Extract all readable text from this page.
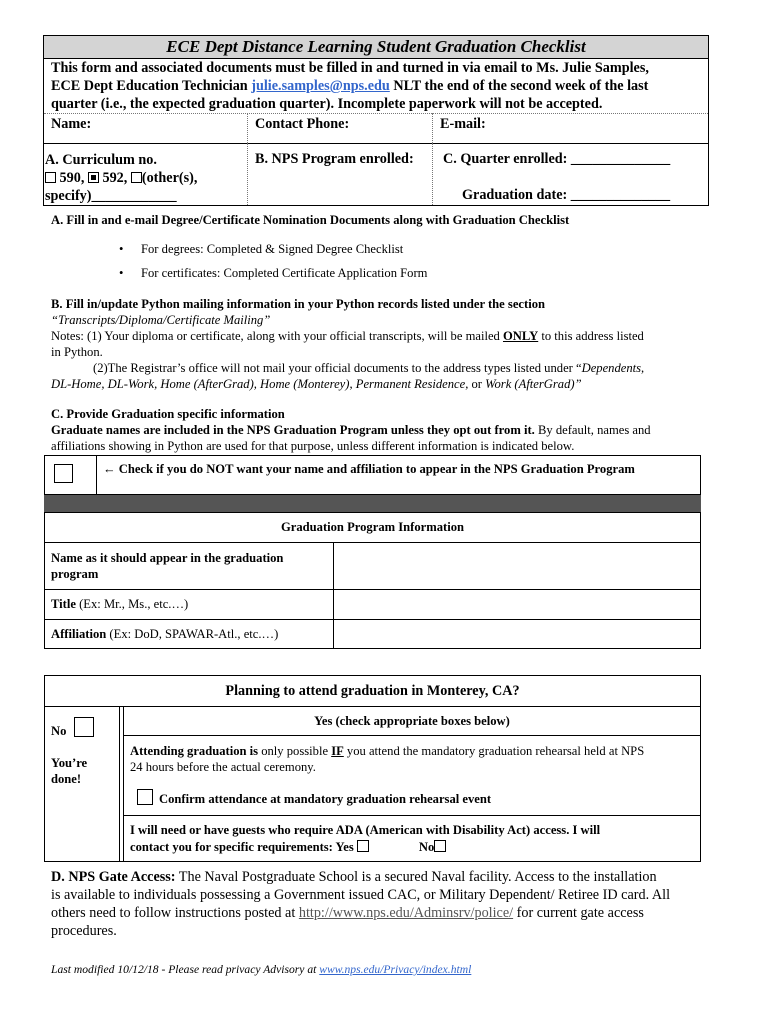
ECE Dept Distance Learning Student Graduation Checklist
This form and associated documents must be filled in and turned in via email to Ms. Julie Samples,
ECE Dept Education Technician julie.samples@nps.edu NLT the end of the second week of the last
quarter (i.e., the expected graduation quarter). Incomplete paperwork will not be accepted.
Name:	Contact Phone:	E-mail:
A. Curriculum no.
590, 592, (other(s),
specify)____________
B. NPS Program enrolled: C. Quarter enrolled: ______________
Graduation date: ______________
A. Fill in and e-mail Degree/Certificate Nomination Documents along with Graduation Checklist
• For degrees: Completed & Signed Degree Checklist
• For certificates: Completed Certificate Application Form
B. Fill in/update Python mailing information in your Python records listed under the section
“Transcripts/Diploma/Certificate Mailing”
Notes: (1) Your diploma or certificate, along with your official transcripts, will be mailed ONLY to this address listed
in Python.
(2)The Registrar’s office will not mail your official documents to the address types listed under “Dependents,
DL-Home, DL-Work, Home (AfterGrad), Home (Monterey), Permanent Residence, or Work (AfterGrad)”
C. Provide Graduation specific information
Graduate names are included in the NPS Graduation Program unless they opt out from it. By default, names and
affiliations showing in Python are used for that purpose, unless different information is indicated below.
← Check if you do NOT want your name and affiliation to appear in the NPS Graduation Program
Graduation Program Information
Name as it should appear in the graduation
program
Title (Ex: Mr., Ms., etc.…)
Affiliation (Ex: DoD, SPAWAR-Atl., etc.…)
Planning to attend graduation in Monterey, CA?
No
You’re
done!
Yes (check appropriate boxes below)
Attending graduation is only possible IF you attend the mandatory graduation rehearsal held at NPS
24 hours before the actual ceremony.
Confirm attendance at mandatory graduation rehearsal event
I will need or have guests who require ADA (American with Disability Act) access. I will
contact you for specific requirements: Yes	No
D. NPS Gate Access: The Naval Postgraduate School is a secured Naval facility. Access to the installation
is available to individuals possessing a Government issued CAC, or Military Dependent/ Retiree ID card. All
others need to follow instructions posted at http://www.nps.edu/Adminsrv/police/ for current gate access
procedures.
Last modified 10/12/18 - Please read privacy Advisory at www.nps.edu/Privacy/index.html
